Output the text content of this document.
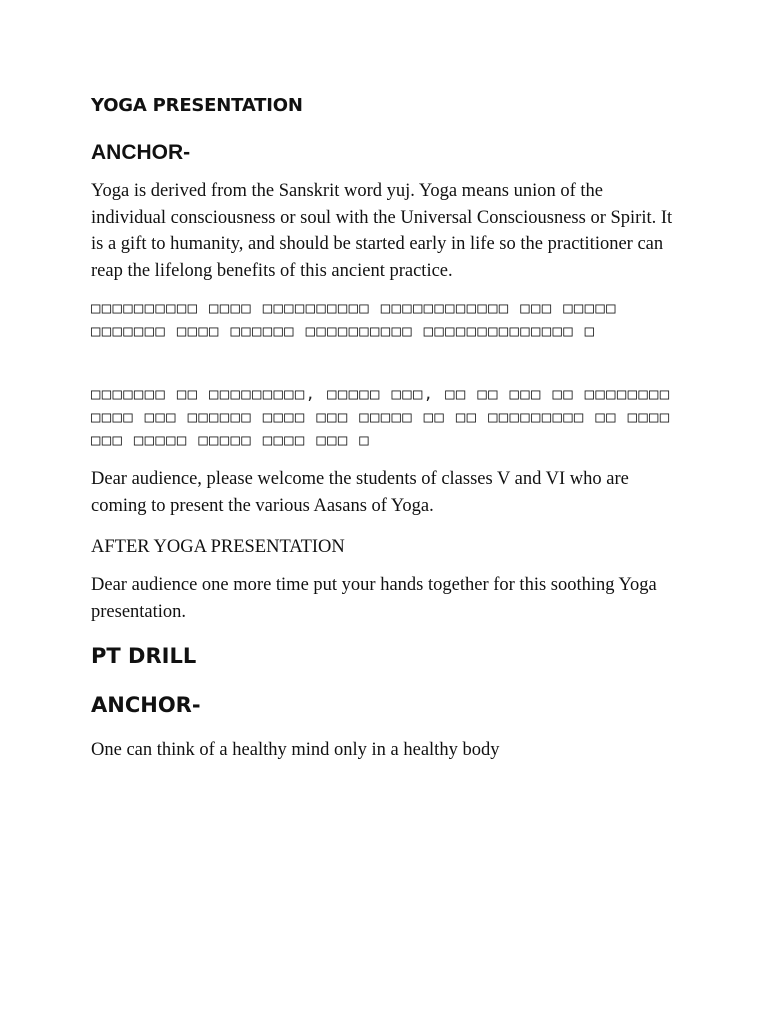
YOGA PRESENTATION
ANCHOR-

Yoga is derived from the Sanskrit word yuj. Yoga means union of the individual consciousness or soul with the Universal Consciousness or Spirit. It is a gift to humanity, and should be started early in life so the practitioner can reap the lifelong benefits of this ancient practice.

□□□□□□□□□□ □□□□ □□□□□□□□□□ □□□□□□□□□□□□ □□□ □□□□□ □□□□□□□ □□□□ □□□□□□ □□□□□□□□□□ □□□□□□□□□□□□□□ □

□□□□□□□ □□ □□□□□□□□□, □□□□□ □□□, □□ □□ □□□ □□ □□□□□□□□ □□□□ □□□ □□□□□□ □□□□ □□□ □□□□□ □□ □□ □□□□□□□□□ □□ □□□□ □□□ □□□□□ □□□□□ □□□□ □□□ □

Dear audience, please welcome the students of classes V and VI who are coming to present the various Aasans of Yoga.

AFTER YOGA PRESENTATION

Dear audience one more time put your hands together for this soothing Yoga presentation.

PT DRILL
ANCHOR-

One can think of a healthy mind only in a healthy body
